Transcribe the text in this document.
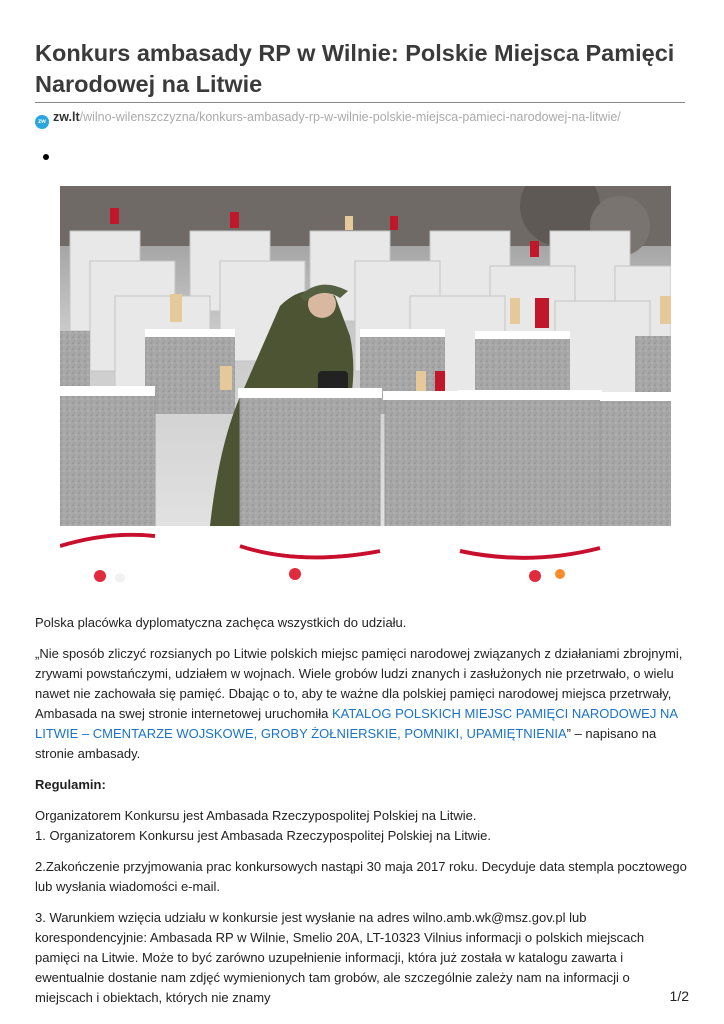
Konkurs ambasady RP w Wilnie: Polskie Miejsca Pamięci Narodowej na Litwie
zw zw.lt/wilno-wilenszczyzna/konkurs-ambasady-rp-w-wilnie-polskie-miejsca-pamieci-narodowej-na-litwie/

Polska placówka dyplomatyczna zachęca wszystkich do udziału.

„Nie sposób zliczyć rozsianych po Litwie polskich miejsc pamięci narodowej związanych z działaniami zbrojnymi, zrywami powstańczymi, udziałem w wojnach. Wiele grobów ludzi znanych i zasłużonych nie przetrwało, o wielu nawet nie zachowała się pamięć. Dbając o to, aby te ważne dla polskiej pamięci narodowej miejsca przetrwały, Ambasada na swej stronie internetowej uruchomiła KATALOG POLSKICH MIEJSC PAMIĘCI NARODOWEJ NA LITWIE – CMENTARZE WOJSKOWE, GROBY ŻOŁNIERSKIE, POMNIKI, UPAMIĘTNIENIA” – napisano na stronie ambasady.

Regulamin:

Organizatorem Konkursu jest Ambasada Rzeczypospolitej Polskiej na Litwie.
1. Organizatorem Konkursu jest Ambasada Rzeczypospolitej Polskiej na Litwie.

2.Zakończenie przyjmowania prac konkursowych nastąpi 30 maja 2017 roku. Decyduje data stempla pocztowego lub wysłania wiadomości e-mail.

3. Warunkiem wzięcia udziału w konkursie jest wysłanie na adres wilno.amb.wk@msz.gov.pl lub korespondencyjnie: Ambasada RP w Wilnie, Smelio 20A, LT-10323 Vilnius informacji o polskich miejscach pamięci na Litwie. Może to być zarówno uzupełnienie informacji, która już została w katalogu zawarta i ewentualnie dostanie nam zdjęć wymienionych tam grobów, ale szczególnie zależy nam na informacji o miejscach i obiektach, których nie znamy	1/2
